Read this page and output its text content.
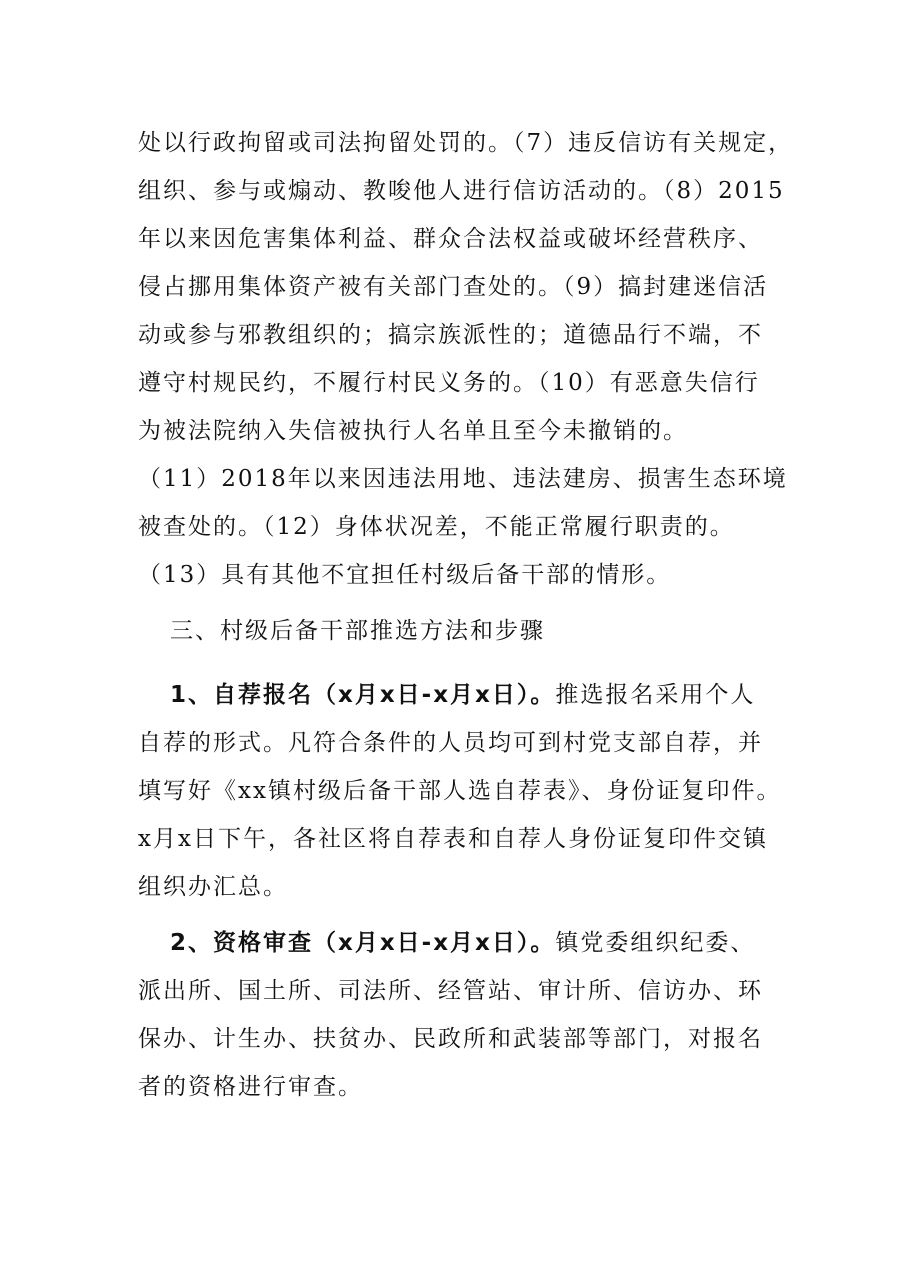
处以行政拘留或司法拘留处罚的。（7）违反信访有关规定，
组织、参与或煽动、教唆他人进行信访活动的。（8）2015
年以来因危害集体利益、群众合法权益或破坏经营秩序、
侵占挪用集体资产被有关部门查处的。（9）搞封建迷信活
动或参与邪教组织的；搞宗族派性的；道德品行不端，不
遵守村规民约，不履行村民义务的。（10）有恶意失信行
为被法院纳入失信被执行人名单且至今未撤销的。
（11）2018年以来因违法用地、违法建房、损害生态环境
被查处的。（12）身体状况差，不能正常履行职责的。
（13）具有其他不宜担任村级后备干部的情形。
三、村级后备干部推选方法和步骤
1、自荐报名（x月x日-x月x日）。推选报名采用个人
自荐的形式。凡符合条件的人员均可到村党支部自荐，并
填写好《xx镇村级后备干部人选自荐表》、身份证复印件。
x月x日下午，各社区将自荐表和自荐人身份证复印件交镇
组织办汇总。
2、资格审查（x月x日-x月x日）。镇党委组织纪委、
派出所、国土所、司法所、经管站、审计所、信访办、环
保办、计生办、扶贫办、民政所和武装部等部门，对报名
者的资格进行审查。
